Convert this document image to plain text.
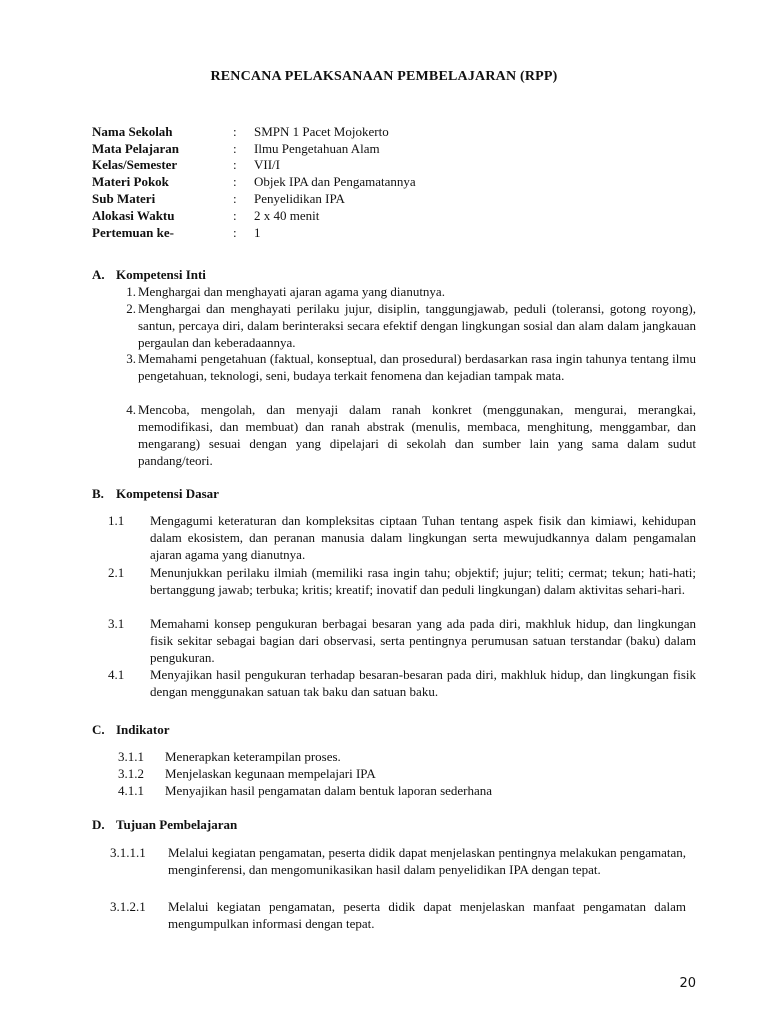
RENCANA PELAKSANAAN PEMBELAJARAN (RPP)
Nama Sekolah	: SMPN 1 Pacet Mojokerto
Mata Pelajaran	: Ilmu Pengetahuan Alam
Kelas/Semester	: VII/I
Materi Pokok	: Objek IPA dan Pengamatannya
Sub Materi	: Penyelidikan IPA
Alokasi Waktu	: 2 x 40 menit
Pertemuan ke-	: 1
A. Kompetensi Inti
1. Menghargai dan menghayati ajaran agama yang dianutnya.
2. Menghargai dan menghayati perilaku jujur, disiplin, tanggungjawab, peduli (toleransi, gotong royong), santun, percaya diri, dalam berinteraksi secara efektif dengan lingkungan sosial dan alam dalam jangkauan pergaulan dan keberadaannya.
3. Memahami pengetahuan (faktual, konseptual, dan prosedural) berdasarkan rasa ingin tahunya tentang ilmu pengetahuan, teknologi, seni, budaya terkait fenomena dan kejadian tampak mata.
4. Mencoba, mengolah, dan menyaji dalam ranah konkret (menggunakan, mengurai, merangkai, memodifikasi, dan membuat) dan ranah abstrak (menulis, membaca, menghitung, menggambar, dan mengarang) sesuai dengan yang dipelajari di sekolah dan sumber lain yang sama dalam sudut pandang/teori.
B. Kompetensi Dasar
1.1 Mengagumi keteraturan dan kompleksitas ciptaan Tuhan tentang aspek fisik dan kimiawi, kehidupan dalam ekosistem, dan peranan manusia dalam lingkungan serta mewujudkannya dalam pengamalan ajaran agama yang dianutnya.
2.1 Menunjukkan perilaku ilmiah (memiliki rasa ingin tahu; objektif; jujur; teliti; cermat; tekun; hati-hati; bertanggung jawab; terbuka; kritis; kreatif; inovatif dan peduli lingkungan) dalam aktivitas sehari-hari.
3.1 Memahami konsep pengukuran berbagai besaran yang ada pada diri, makhluk hidup, dan lingkungan fisik sekitar sebagai bagian dari observasi, serta pentingnya perumusan satuan terstandar (baku) dalam pengukuran.
4.1 Menyajikan hasil pengukuran terhadap besaran-besaran pada diri, makhluk hidup, dan lingkungan fisik dengan menggunakan satuan tak baku dan satuan baku.
C. Indikator
3.1.1 Menerapkan keterampilan proses.
3.1.2 Menjelaskan kegunaan mempelajari IPA
4.1.1 Menyajikan hasil pengamatan dalam bentuk laporan sederhana
D. Tujuan Pembelajaran
3.1.1.1 Melalui kegiatan pengamatan, peserta didik dapat menjelaskan pentingnya melakukan pengamatan, menginferensi, dan mengomunikasikan hasil dalam penyelidikan IPA dengan tepat.
3.1.2.1 Melalui kegiatan pengamatan, peserta didik dapat menjelaskan manfaat pengamatan dalam mengumpulkan informasi dengan tepat.
20
